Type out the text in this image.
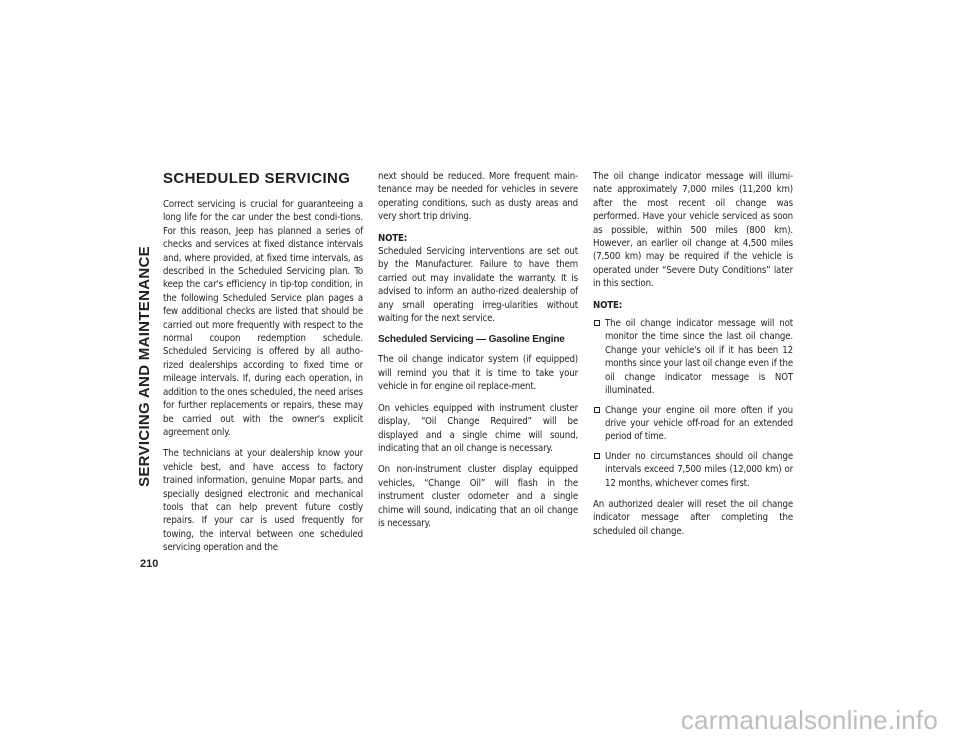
SERVICING AND MAINTENANCE
210
SCHEDULED SERVICING

Correct servicing is crucial for guaranteeing a long life for the car under the best condi-tions. For this reason, Jeep has planned a series of checks and services at fixed distance intervals and, where provided, at fixed time intervals, as described in the Scheduled Servicing plan. To keep the car's efficiency in tip-top condition, in the following Scheduled Service plan pages a few additional checks are listed that should be carried out more frequently with respect to the normal coupon redemption schedule. Scheduled Servicing is offered by all autho-rized dealerships according to fixed time or mileage intervals. If, during each operation, in addition to the ones scheduled, the need arises for further replacements or repairs, these may be carried out with the owner's explicit agreement only.

The technicians at your dealership know your vehicle best, and have access to factory trained information, genuine Mopar parts, and specially designed electronic and mechanical tools that can help prevent future costly repairs. If your car is used frequently for towing, the interval between one scheduled servicing operation and the

next should be reduced. More frequent main-tenance may be needed for vehicles in severe operating conditions, such as dusty areas and very short trip driving.

NOTE:

Scheduled Servicing interventions are set out by the Manufacturer. Failure to have them carried out may invalidate the warranty. It is advised to inform an autho-rized dealership of any small operating irreg-ularities without waiting for the next service.

Scheduled Servicing — Gasoline Engine

The oil change indicator system (if equipped) will remind you that it is time to take your vehicle in for engine oil replace-ment.

On vehicles equipped with instrument cluster display, “Oil Change Required” will be displayed and a single chime will sound, indicating that an oil change is necessary.

On non-instrument cluster display equipped vehicles, “Change Oil” will flash in the instrument cluster odometer and a single chime will sound, indicating that an oil change is necessary.

The oil change indicator message will illumi-nate approximately 7,000 miles (11,200 km) after the most recent oil change was performed. Have your vehicle serviced as soon as possible, within 500 miles (800 km). However, an earlier oil change at 4,500 miles (7,500 km) may be required if the vehicle is operated under “Severe Duty Conditions” later in this section.

NOTE:
The oil change indicator message will not monitor the time since the last oil change. Change your vehicle's oil if it has been 12 months since your last oil change even if the oil change indicator message is NOT illuminated.
Change your engine oil more often if you drive your vehicle off-road for an extended period of time.
Under no circumstances should oil change intervals exceed 7,500 miles (12,000 km) or 12 months, whichever comes first.

An authorized dealer will reset the oil change indicator message after completing the scheduled oil change.

carmanualsonline.info
